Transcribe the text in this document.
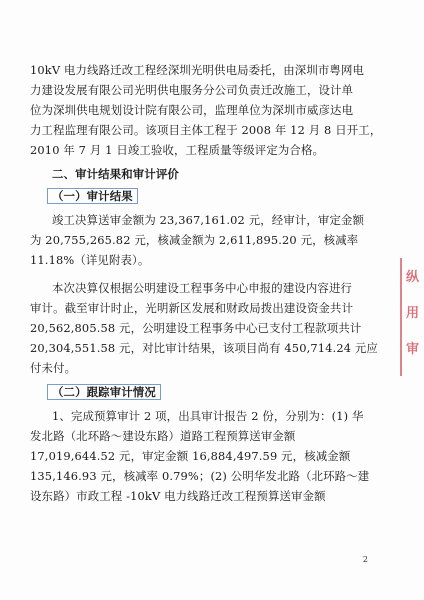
10kV 电力线路迁改工程经深圳光明供电局委托，由深圳市粤网电
力建设发展有限公司光明供电服务分公司负责迁改施工，设计单
位为深圳供电规划设计院有限公司，监理单位为深圳市威彦达电
力工程监理有限公司。该项目主体工程于 2008 年 12 月 8 日开工，
2010 年 7 月 1 日竣工验收，工程质量等级评定为合格。
二、审计结果和审计评价
（一）审计结果
竣工决算送审金额为 23,367,161.02 元，经审计，审定金额
为 20,755,265.82 元，核减金额为 2,611,895.20 元，核减率
11.18%（详见附表）。
本次决算仅根据公明建设工程事务中心申报的建设内容进行
审计。截至审计时止，光明新区发展和财政局拨出建设资金共计
20,562,805.58 元，公明建设工程事务中心已支付工程款项共计
20,304,551.58 元，对比审计结果，该项目尚有 450,714.24 元应
付未付。
（二）跟踪审计情况
1、完成预算审计 2 项，出具审计报告 2 份，分别为：(1) 华
发北路（北环路～建设东路）道路工程预算送审金额
17,019,644.52 元，审定金额 16,884,497.59 元，核减金额
135,146.93 元，核减率 0.79%；(2) 公明华发北路（北环路～建
设东路）市政工程 -10kV 电力线路迁改工程预算送审金额
2
纵
用
审
